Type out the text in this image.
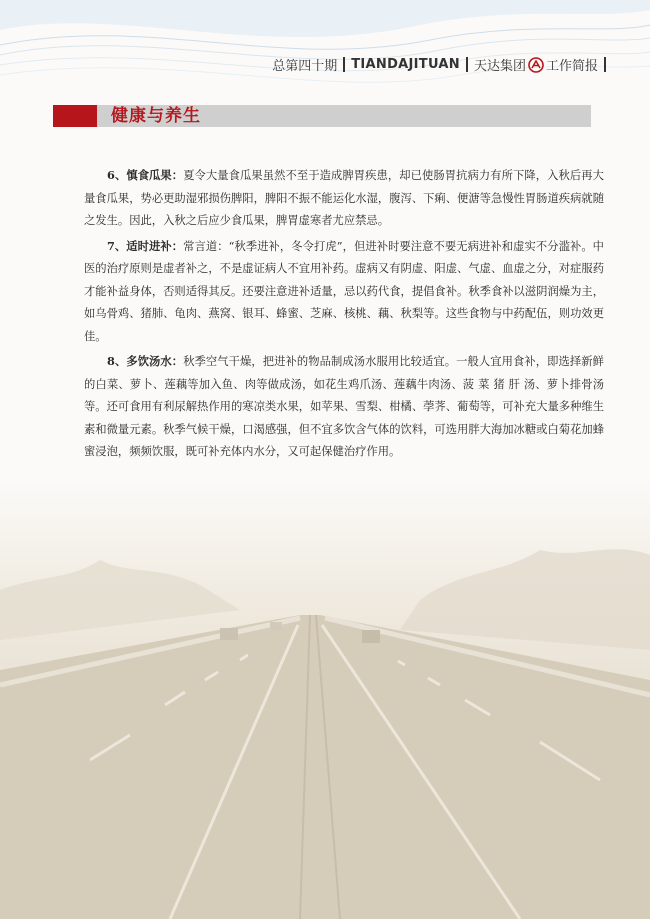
总第四十期 TIANDAJITUAN 天达集团 工作简报
健康与养生

6、慎食瓜果：夏令大量食瓜果虽然不至于造成脾胃疾患，却已使肠胃抗病力有所下降，入秋后再大量食瓜果，势必更助湿邪损伤脾阳，脾阳不振不能运化水湿，腹泻、下痢、便溏等急慢性胃肠道疾病就随之发生。因此，入秋之后应少食瓜果，脾胃虚寒者尤应禁忌。

7、适时进补：常言道：“秋季进补，冬令打虎”，但进补时要注意不要无病进补和虚实不分滥补。中医的治疗原则是虚者补之，不是虚证病人不宜用补药。虚病又有阴虚、阳虚、气虚、血虚之分，对症服药才能补益身体，否则适得其反。还要注意进补适量，忌以药代食，提倡食补。秋季食补以滋阴润燥为主，如乌骨鸡、猪肺、龟肉、燕窝、银耳、蜂蜜、芝麻、核桃、藕、秋梨等。这些食物与中药配伍，则功效更佳。

8、多饮汤水：秋季空气干燥，把进补的物品制成汤水服用比较适宜。一般人宜用食补，即选择新鲜的白菜、萝卜、莲藕等加入鱼、肉等做成汤，如花生鸡爪汤、莲藕牛肉汤、菠 菜 猪 肝 汤、萝卜排骨汤等。还可食用有利尿解热作用的寒凉类水果，如苹果、雪梨、柑橘、荸荠、葡萄等，可补充大量多种维生素和微量元素。秋季气候干燥，口渴感强，但不宜多饮含气体的饮料，可选用胖大海加冰糖或白菊花加蜂蜜浸泡，频频饮服，既可补充体内水分，又可起保健治疗作用。
